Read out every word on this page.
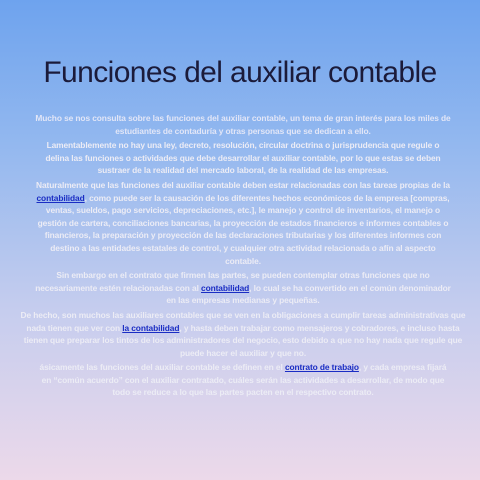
Funciones del auxiliar contable

Mucho se nos consulta sobre las funciones del auxiliar contable, un tema de gran interés para los miles de estudiantes de contaduría y otras personas que se dedican a ello.

Lamentablemente no hay una ley, decreto, resolución, circular doctrina o jurisprudencia que regule o delina las funciones o actividades que debe desarrollar el auxiliar contable, por lo que estas se deben sustraer de la realidad del mercado laboral, de la realidad de las empresas.

Naturalmente que las funciones del auxiliar contable deben estar relacionadas con las tareas propias de la contabilidad, como puede ser la causación de los diferentes hechos económicos de la empresa [compras, ventas, sueldos, pago servicios, depreciaciones, etc.], le manejo y control de inventarios, el manejo o gestión de cartera, conciliaciones bancarias, la proyección de estados financieros e informes contables o financieros, la preparación y proyección de las declaraciones tributarias y los diferentes informes con destino a las entidades estatales de control, y cualquier otra actividad relacionada o afín al aspecto contable.

Sin embargo en el contrato que firmen las partes, se pueden contemplar otras funciones que no necesariamente estén relacionadas con al contabilidad, lo cual se ha convertido en el común denominador en las empresas medianas y pequeñas.

De hecho, son muchos las auxiliares contables que se ven en la obligaciones a cumplir tareas administrativas que nada tienen que ver con la contabilidad, y hasta deben trabajar como mensajeros y cobradores, e incluso hasta tienen que preparar los tintos de los administradores del negocio, esto debido a que no hay nada que regule que puede hacer el auxiliar y que no.

ásicamente las funciones del auxiliar contable se definen en el contrato de trabajo, y cada empresa fijará en “común acuerdo” con el auxiliar contratado, cuáles serán las actividades a desarrollar, de modo que todo se reduce a lo que las partes pacten en el respectivo contrato.
